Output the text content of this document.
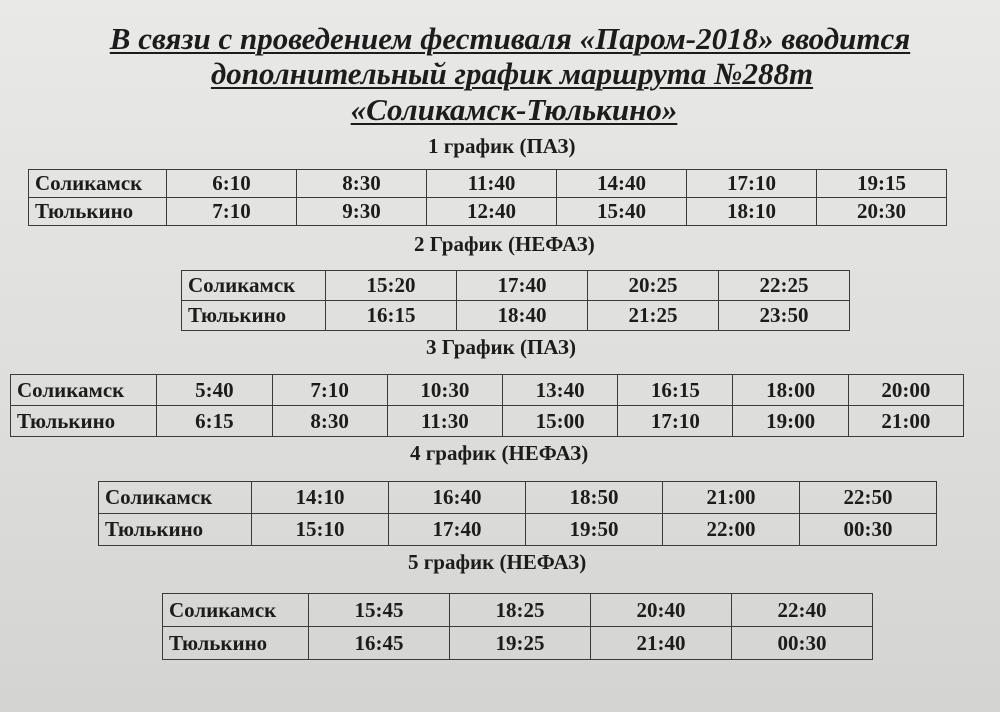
В связи с проведением фестиваля «Паром-2018» вводится
дополнительный график маршрута №288т
«Соликамск-Тюлькино»
1 график (ПАЗ)
Соликамск	6:10	8:30	11:40	14:40	17:10	19:15
Тюлькино	7:10	9:30	12:40	15:40	18:10	20:30
2 График (НЕФАЗ)
Соликамск	15:20	17:40	20:25	22:25
Тюлькино	16:15	18:40	21:25	23:50
3 График (ПАЗ)
Соликамск	5:40	7:10	10:30	13:40	16:15	18:00	20:00
Тюлькино	6:15	8:30	11:30	15:00	17:10	19:00	21:00
4 график (НЕФАЗ)
Соликамск	14:10	16:40	18:50	21:00	22:50
Тюлькино	15:10	17:40	19:50	22:00	00:30
5 график (НЕФАЗ)
Соликамск	15:45	18:25	20:40	22:40
Тюлькино	16:45	19:25	21:40	00:30
